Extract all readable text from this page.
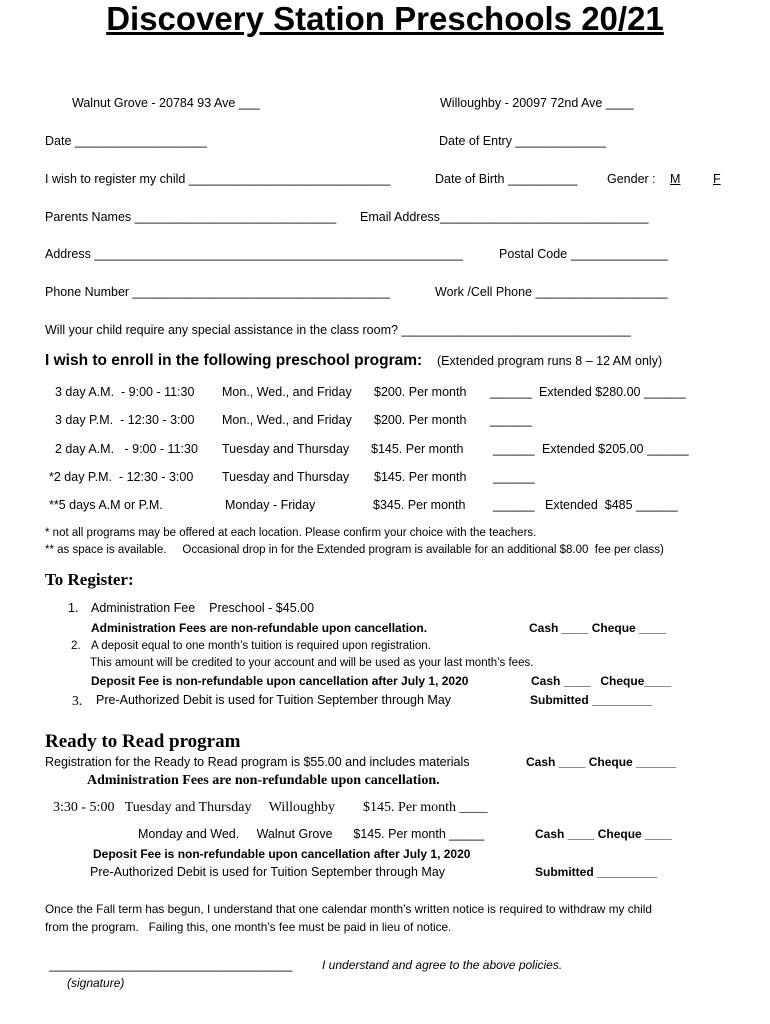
Discovery Station Preschools 20/21
Walnut Grove - 20784 93 Ave ___	Willoughby - 20097 72nd Ave ____
Date ___________________	Date of Entry _____________
I wish to register my child _____________________________	Date of Birth __________ Gender : M	F
Parents Names _____________________________ Email Address______________________________
Address _____________________________________________________	Postal Code ______________
Phone Number _____________________________________	Work /Cell Phone ___________________
Will your child require any special assistance in the class room? _________________________________
I wish to enroll in the following preschool program: (Extended program runs 8 – 12 AM only)
3 day A.M.  - 9:00 - 11:30 Mon., Wed., and Friday $200. Per month ______ Extended $280.00 ______
3 day P.M.  - 12:30 - 3:00 Mon., Wed., and Friday $200. Per month ______
2 day A.M.   - 9:00 - 11:30 Tuesday and Thursday $145. Per month ______ Extended $205.00 ______
*2 day P.M.  - 12:30 - 3:00 Tuesday and Thursday $145. Per month ______
**5 days A.M or P.M.	Monday - Friday	$345. Per month ______ Extended  $485 ______
* not all programs may be offered at each location. Please confirm your choice with the teachers.
** as space is available.     Occasional drop in for the Extended program is available for an additional $8.00  fee per class)
To Register:
1. Administration Fee    Preschool - $45.00
Administration Fees are non-refundable upon cancellation.	Cash ____ Cheque ____
2. A deposit equal to one month’s tuition is required upon registration.
This amount will be credited to your account and will be used as your last month’s fees.
Deposit Fee is non-refundable upon cancellation after July 1, 2020	Cash ____   Cheque____
3. Pre-Authorized Debit is used for Tuition September through May	Submitted _________
Ready to Read program
Registration for the Ready to Read program is $55.00 and includes materials	Cash ____ Cheque ______
Administration Fees are non-refundable upon cancellation.
3:30 - 5:00   Tuesday and Thursday     Willoughby        $145. Per month ____
Monday and Wed.     Walnut Grove      $145. Per month _____	Cash ____ Cheque ____
Deposit Fee is non-refundable upon cancellation after July 1, 2020
Pre-Authorized Debit is used for Tuition September through May	Submitted _________
Once the Fall term has begun, I understand that one calendar month’s written notice is required to withdraw my child
from the program.   Failing this, one month’s fee must be paid in lieu of notice.
___________________________________ I understand and agree to the above policies.
(signature)
